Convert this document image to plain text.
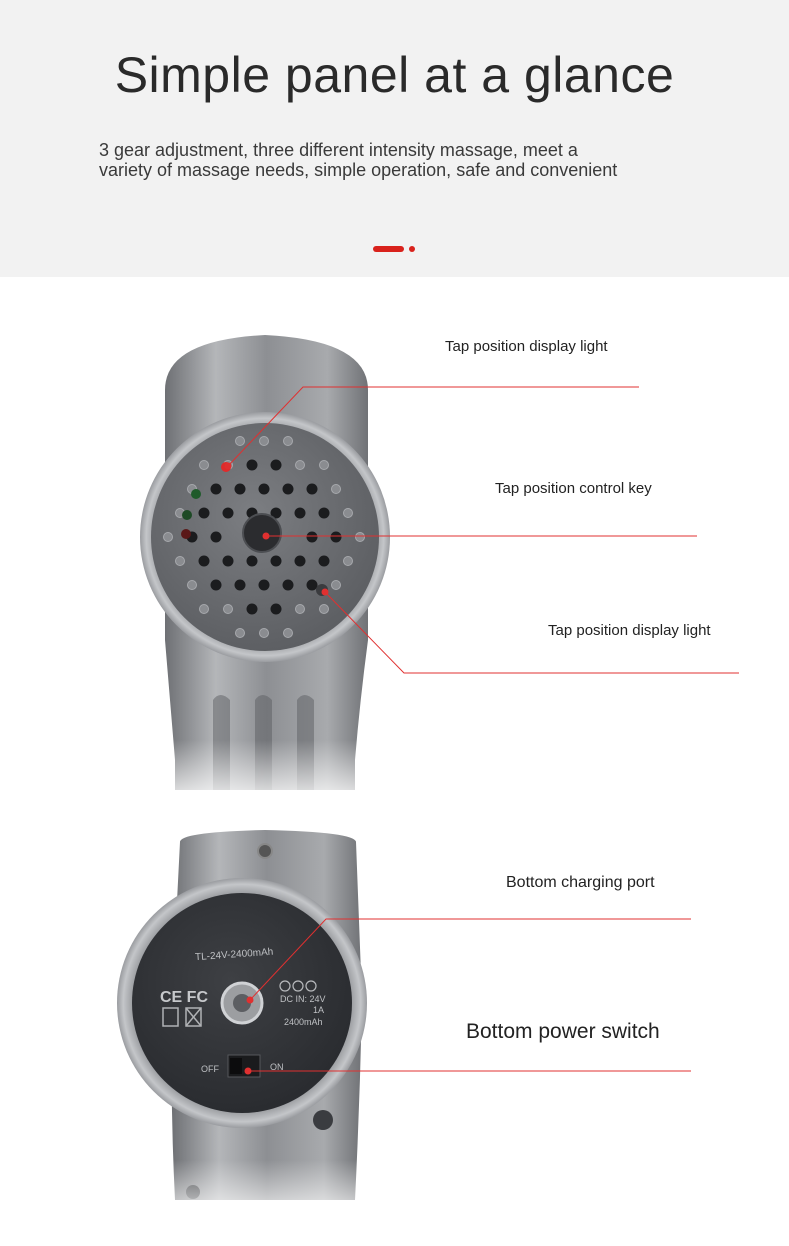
Simple panel at a glance
3 gear adjustment, three different intensity massage, meet a
variety of massage needs, simple operation, safe and convenient
TL-24V-2400mAh
CE FC	DC IN: 24V
1A
2400mAh
OFF	ON
Tap position display light
Tap position control key
Tap position display light
Bottom charging port
Bottom power switch
